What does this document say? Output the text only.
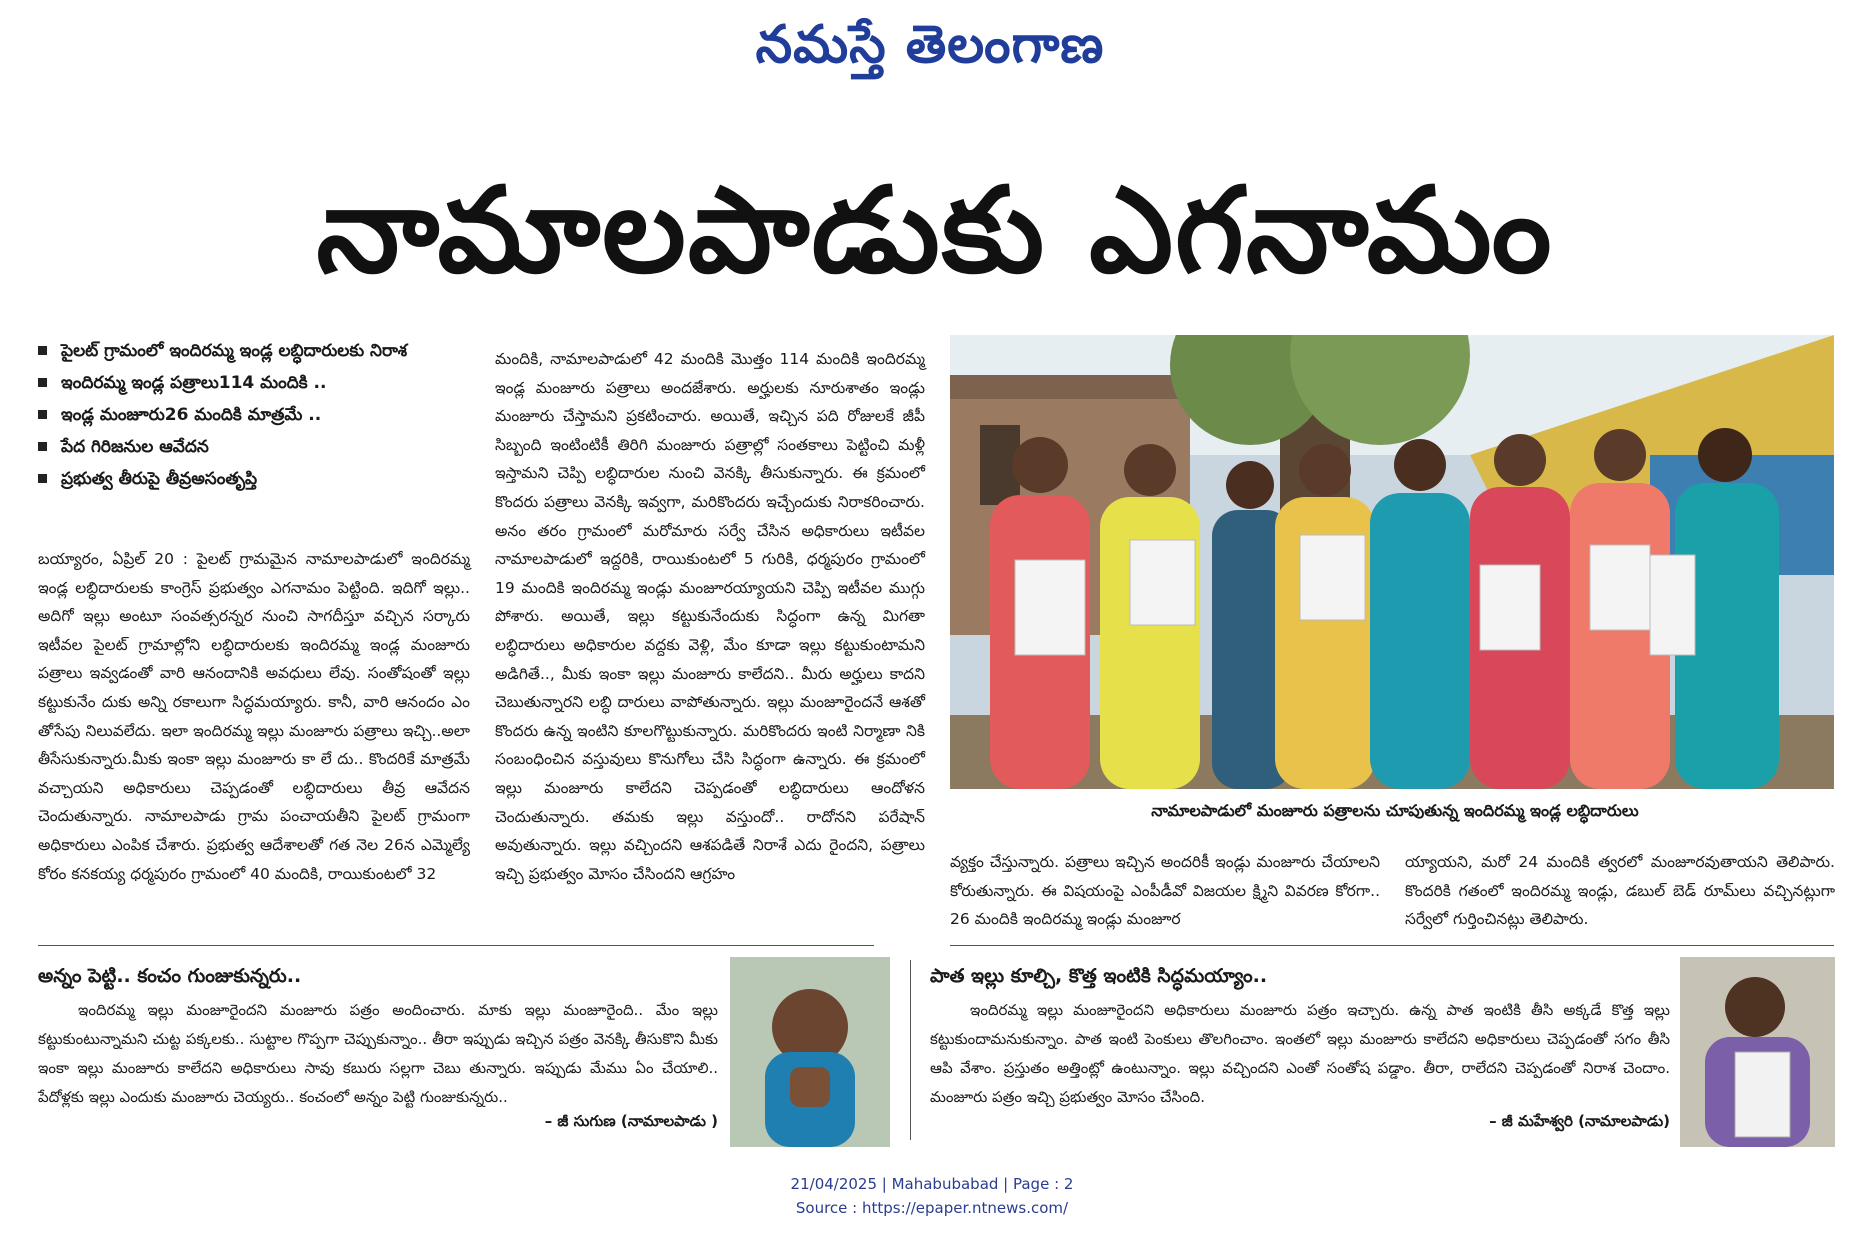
నమస్తే తెలంగాణ
నామాలపాడుకు ఎగనామం
పైలట్ గ్రామంలో ఇందిరమ్మ ఇండ్ల లబ్ధిదారులకు నిరాశ
ఇందిరమ్మ ఇండ్ల పత్రాలు114 మందికి ..
ఇండ్ల మంజూరు26 మందికి మాత్రమే ..
పేద గిరిజనుల ఆవేదన
ప్రభుత్వ తీరుపై తీవ్రఅసంతృప్తి
బయ్యారం, ఏప్రిల్ 20 : పైలట్ గ్రామమైన నామాలపాడులో ఇందిరమ్మ ఇండ్ల లబ్ధిదారులకు కాంగ్రెస్ ప్రభుత్వం ఎగనామం పెట్టింది. ఇదిగో ఇల్లు.. అదిగో ఇల్లు అంటూ సంవత్సరన్నర నుంచి సాగదీస్తూ వచ్చిన సర్కారు ఇటీవల పైలట్ గ్రామాల్లోని లబ్ధిదారులకు ఇందిరమ్మ ఇండ్ల మంజూరు పత్రాలు ఇవ్వడంతో వారి ఆనందానికి అవధులు లేవు. సంతోషంతో ఇల్లు కట్టుకునేం దుకు అన్ని రకాలుగా సిద్ధమయ్యారు. కానీ, వారి ఆనందం ఎం తోసేపు నిలువలేదు. ఇలా ఇందిరమ్మ ఇల్లు మంజూరు పత్రాలు ఇచ్చి..అలా తీసేసుకున్నారు.మీకు ఇంకా ఇల్లు మంజూరు కా లే దు.. కొందరికే మాత్రమే వచ్చాయని అధికారులు చెప్పడంతో లబ్ధిదారులు తీవ్ర ఆవేదన చెందుతున్నారు. నామాలపాడు గ్రామ పంచాయతీని పైలట్ గ్రామంగా అధికారులు ఎంపిక చేశారు. ప్రభుత్వ ఆదేశాలతో గత నెల 26న ఎమ్మెల్యే కోరం కనకయ్య ధర్మపురం గ్రామంలో 40 మందికి, రాయికుంటలో 32
మందికి, నామాలపాడులో 42 మందికి మొత్తం 114 మందికి ఇందిరమ్మ ఇండ్ల మంజూరు పత్రాలు అందజేశారు. అర్హులకు నూరుశాతం ఇండ్లు మంజూరు చేస్తామని ప్రకటించారు. అయితే, ఇచ్చిన పది రోజులకే జీపీ సిబ్బంది ఇంటింటికీ తిరిగి మంజూరు పత్రాల్లో సంతకాలు పెట్టించి మళ్లీ ఇస్తామని చెప్పి లబ్ధిదారుల నుంచి వెనక్కి తీసుకున్నారు. ఈ క్రమంలో కొందరు పత్రాలు వెనక్కి ఇవ్వగా, మరికొందరు ఇచ్చేందుకు నిరాకరించారు. అనం తరం గ్రామంలో మరోమారు సర్వే చేసిన అధికారులు ఇటీవల నామాలపాడులో ఇద్దరికి, రాయికుంటలో 5 గురికి, ధర్మపురం గ్రామంలో 19 మందికి ఇందిరమ్మ ఇండ్లు మంజూరయ్యాయని చెప్పి ఇటీవల ముగ్గు పోశారు. అయితే, ఇల్లు కట్టుకునేందుకు సిద్ధంగా ఉన్న మిగతా లబ్ధిదారులు అధికారుల వద్దకు వెళ్లి, మేం కూడా ఇల్లు కట్టుకుంటామని అడిగితే.., మీకు ఇంకా ఇల్లు మంజూరు కాలేదని.. మీరు అర్హులు కాదని చెబుతున్నారని లబ్ధి దారులు వాపోతున్నారు. ఇల్లు మంజూరైందనే ఆశతో కొందరు ఉన్న ఇంటిని కూలగొట్టుకున్నారు. మరికొందరు ఇంటి నిర్మాణా నికి సంబంధించిన వస్తువులు కొనుగోలు చేసి సిద్ధంగా ఉన్నారు. ఈ క్రమంలో ఇల్లు మంజూరు కాలేదని చెప్పడంతో లబ్ధిదారులు ఆందోళన చెందుతున్నారు. తమకు ఇల్లు వస్తుందో.. రాదోనని పరేషాన్ అవుతున్నారు. ఇల్లు వచ్చిందని ఆశపడితే నిరాశే ఎదు రైందని, పత్రాలు ఇచ్చి ప్రభుత్వం మోసం చేసిందని ఆగ్రహం
నామాలపాడులో మంజూరు పత్రాలను చూపుతున్న ఇందిరమ్మ ఇండ్ల లబ్ధిదారులు
వ్యక్తం చేస్తున్నారు. పత్రాలు ఇచ్చిన అందరికీ ఇండ్లు మంజూరు చేయాలని కోరుతున్నారు. ఈ విషయంపై ఎంపీడీవో విజయల క్ష్మిని వివరణ కోరగా.. 26 మందికి ఇందిరమ్మ ఇండ్లు మంజూర
య్యాయని, మరో 24 మందికి త్వరలో మంజూరవుతాయని తెలిపారు. కొందరికి గతంలో ఇందిరమ్మ ఇండ్లు, డబుల్ బెడ్ రూమ్‌లు వచ్చినట్లుగా సర్వేలో గుర్తించినట్లు తెలిపారు.
అన్నం పెట్టి.. కంచం గుంజుకున్నరు..
ఇందిరమ్మ ఇల్లు మంజూరైందని మంజూరు పత్రం అందించారు. మాకు ఇల్లు మంజూరైంది.. మేం ఇల్లు కట్టుకుంటున్నామని చుట్ట పక్కలకు.. సుట్టాల గొప్పగా చెప్పుకున్నాం.. తీరా ఇప్పుడు ఇచ్చిన పత్రం వెనక్కి తీసుకొని మీకు ఇంకా ఇల్లు మంజూరు కాలేదని అధికారులు సావు కబురు సల్లగా చెబు తున్నారు. ఇప్పుడు మేము ఏం చేయాలి.. పేదోళ్లకు ఇల్లు ఎందుకు మంజూరు చెయ్యరు.. కంచంలో అన్నం పెట్టి గుంజుకున్నరు..
– జీ సుగుణ (నామాలపాడు )
పాత ఇల్లు కూల్చి, కొత్త ఇంటికి సిద్ధమయ్యాం..
ఇందిరమ్మ ఇల్లు మంజూరైందని అధికారులు మంజూరు పత్రం ఇచ్చారు. ఉన్న పాత ఇంటికి తీసి అక్కడే కొత్త ఇల్లు కట్టుకుందామనుకున్నాం. పాత ఇంటి పెంకులు తొలగించాం. ఇంతలో ఇల్లు మంజూరు కాలేదని అధికారులు చెప్పడంతో సగం తీసి ఆపి వేశాం. ప్రస్తుతం అత్తింట్లో ఉంటున్నాం. ఇల్లు వచ్చిందని ఎంతో సంతోష పడ్డాం. తీరా, రాలేదని చెప్పడంతో నిరాశ చెందాం. మంజూరు పత్రం ఇచ్చి ప్రభుత్వం మోసం చేసింది.
– జీ మహేశ్వరి (నామాలపాడు)
21/04/2025 | Mahabubabad | Page : 2
Source : https://epaper.ntnews.com/
